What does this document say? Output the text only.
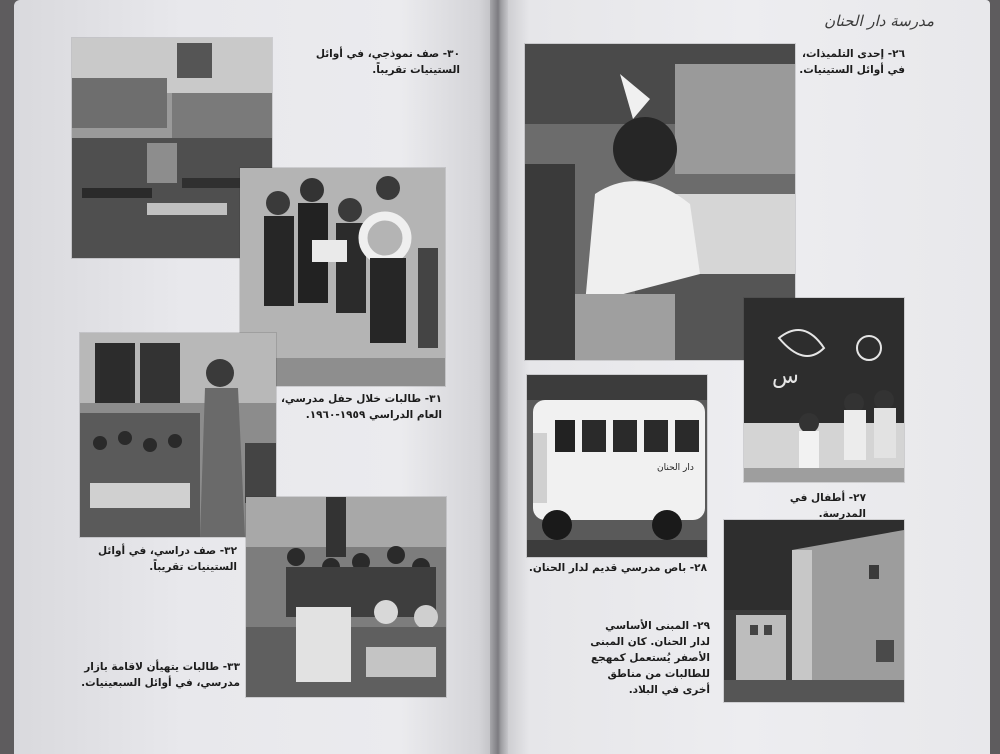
مدرسة دار الحنان
٣٠- صف نموذجي، في أوائل
الستينيات تقريباً.
٣١- طالبات خلال حفل مدرسي،
العام الدراسي ١٩٥٩-١٩٦٠.
٣٢- صف دراسي، في أوائل
الستينيات تقريباً.
٣٣- طالبات يتهيأن لاقامة بازار
مدرسي، في أوائل السبعينيات.
س
دار الحنان
٢٦- إحدى التلميذات،
في أوائل الستينيات.
٢٧- أطفال في المدرسة.
٢٨- باص مدرسي قديم لدار الحنان.
٢٩- المبنى الأساسي
لدار الحنان. كان المبنى
الأصفر يُستعمل كمهجع
للطالبات من مناطق
أخرى في البلاد.
